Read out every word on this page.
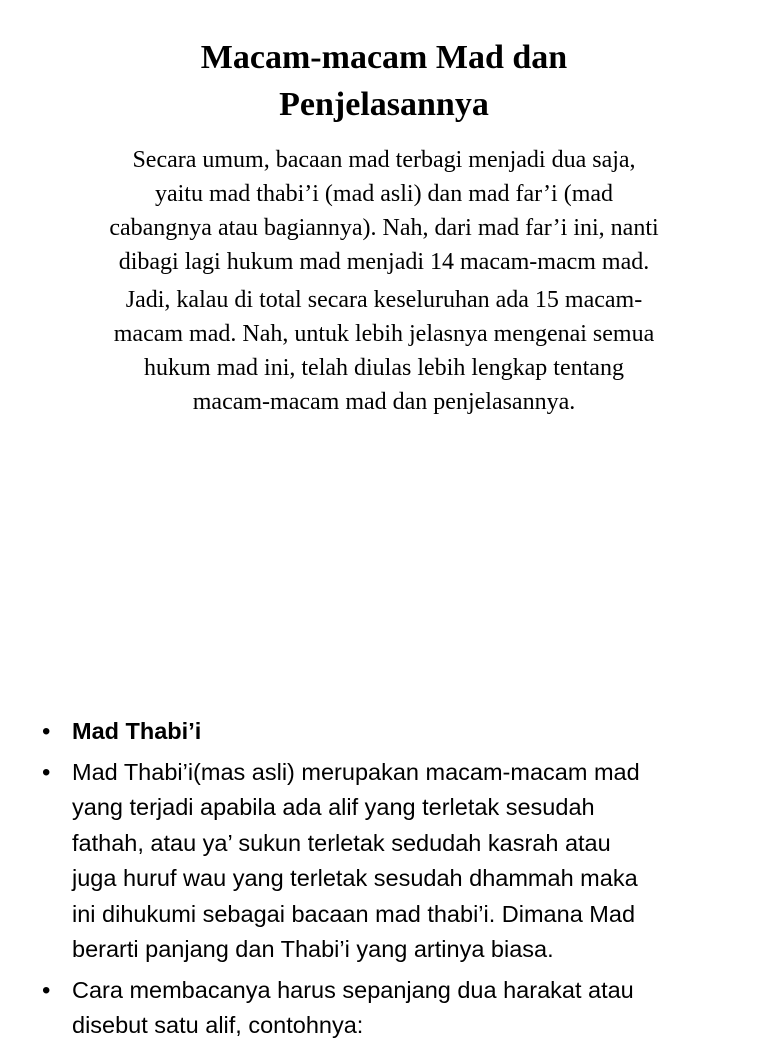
Macam-macam Mad dan
Penjelasannya

Secara umum, bacaan mad terbagi menjadi dua saja,
yaitu mad thabi’i (mad asli) dan mad far’i (mad
cabangnya atau bagiannya). Nah, dari mad far’i ini, nanti
dibagi lagi hukum mad menjadi 14 macam-macm mad.

Jadi, kalau di total secara keseluruhan ada 15 macam-
macam mad. Nah, untuk lebih jelasnya mengenai semua
hukum mad ini, telah diulas lebih lengkap tentang
macam-macam mad dan penjelasannya.

• Mad Thabi’i
• Mad Thabi’i(mas asli) merupakan macam-macam mad
yang terjadi apabila ada alif yang terletak sesudah
fathah, atau ya’ sukun terletak sedudah kasrah atau
juga huruf wau yang terletak sesudah dhammah maka
ini dihukumi sebagai bacaan mad thabi’i. Dimana Mad
berarti panjang dan Thabi’i yang artinya biasa.
• Cara membacanya harus sepanjang dua harakat atau
disebut satu alif, contohnya:
